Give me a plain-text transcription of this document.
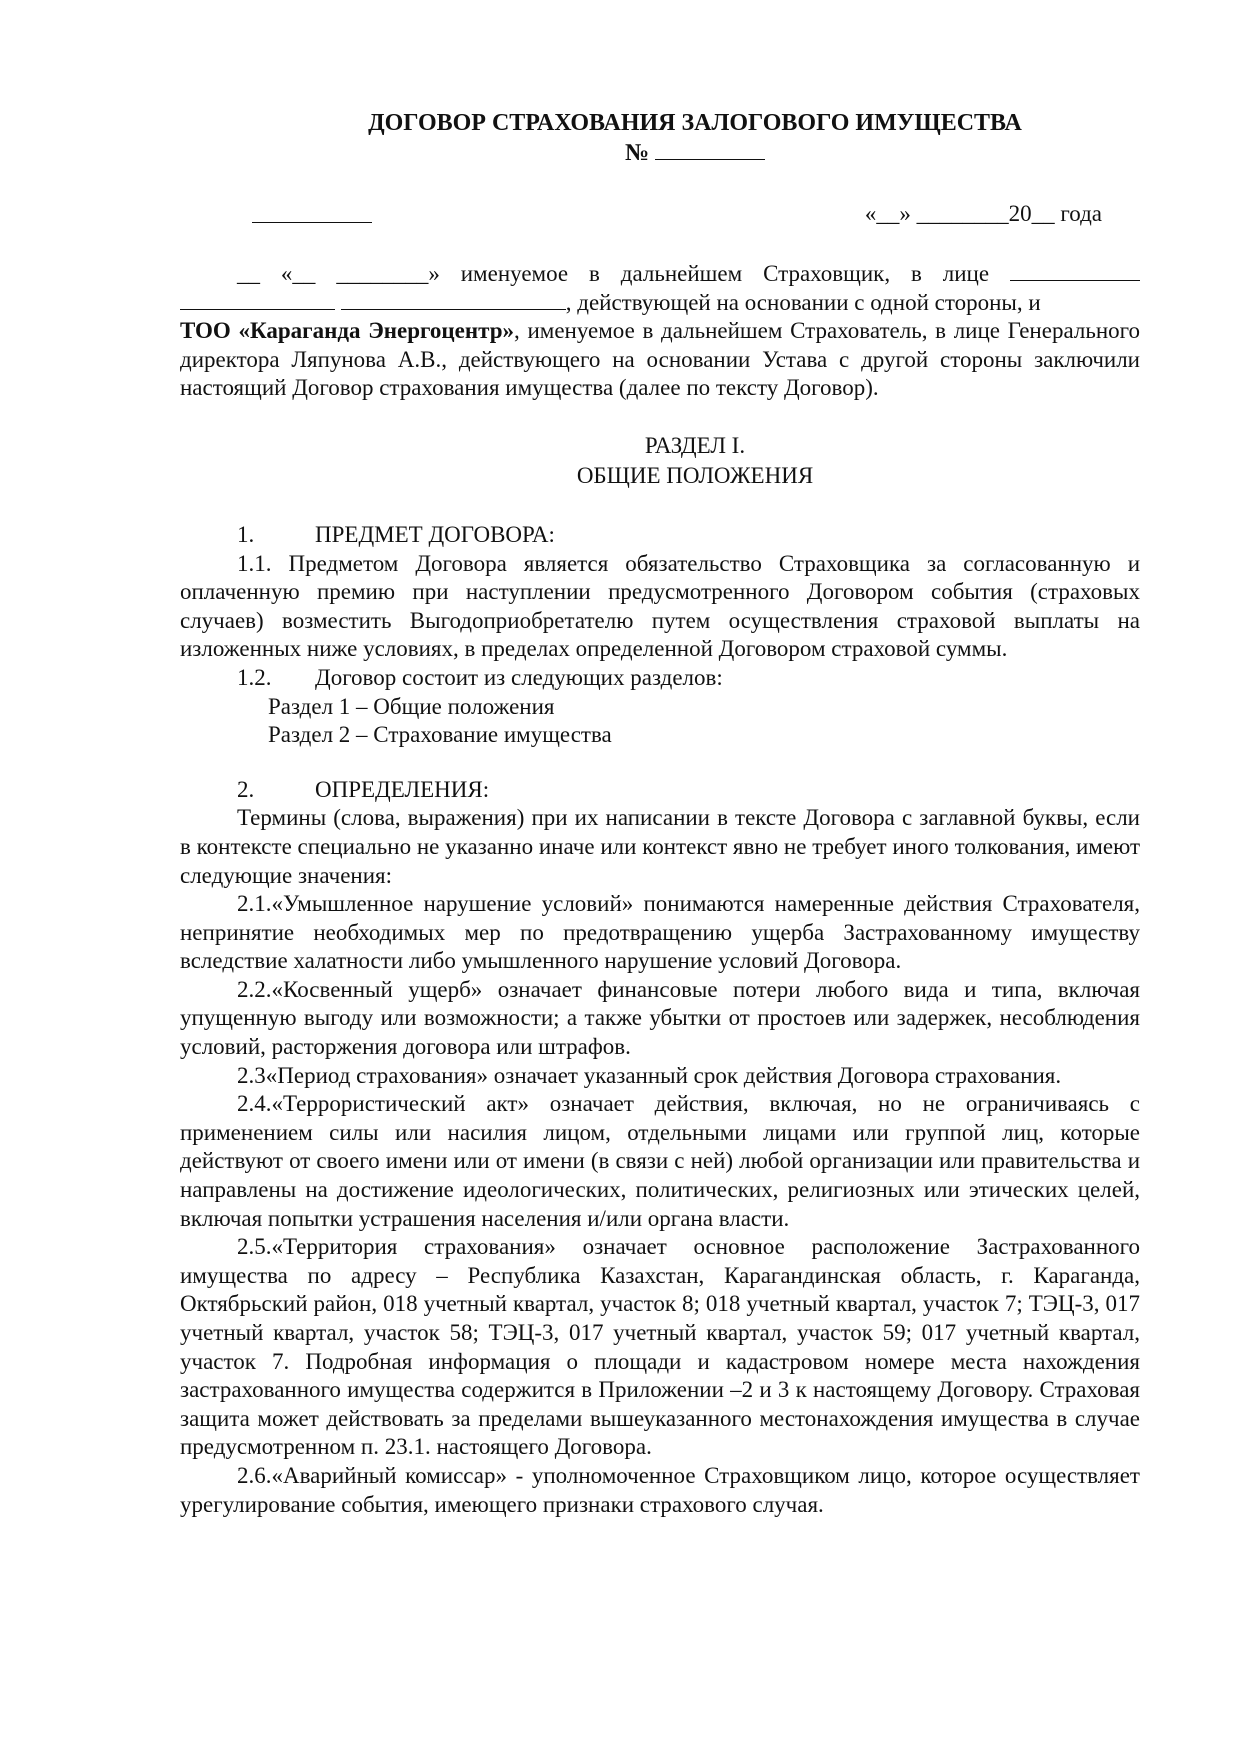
ДОГОВОР СТРАХОВАНИЯ ЗАЛОГОВОГО ИМУЩЕСТВА

№

«__» ________20__ года
__ «__ ________» именуемое в дальнейшем Страховщик, в лице
, действующей на основании с одной стороны, и

ТОО «Караганда Энергоцентр», именуемое в дальнейшем Страхователь, в лице Генерального директора Ляпунова А.В., действующего на основании Устава с другой стороны заключили настоящий Договор страхования имущества (далее по тексту Договор).

РАЗДЕЛ I.
ОБЩИЕ ПОЛОЖЕНИЯ
1.	ПРЕДМЕТ ДОГОВОРА:

1.1. Предметом Договора является обязательство Страховщика за согласованную и оплаченную премию при наступлении предусмотренного Договором события (страховых случаев) возместить Выгодоприобретателю путем осуществления страховой выплаты на изложенных ниже условиях, в пределах определенной Договором страховой суммы.

1.2. Договор состоит из следующих разделов:
Раздел 1 – Общие положения
Раздел 2 – Страхование имущества
2.	ОПРЕДЕЛЕНИЯ:

Термины (слова, выражения) при их написании в тексте Договора с заглавной буквы, если в контексте специально не указанно иначе или контекст явно не требует иного толкования, имеют следующие значения:

2.1.«Умышленное нарушение условий» понимаются намеренные действия Страхователя, непринятие необходимых мер по предотвращению ущерба Застрахованному имуществу вследствие халатности либо умышленного нарушение условий Договора.

2.2.«Косвенный ущерб» означает финансовые потери любого вида и типа, включая упущенную выгоду или возможности; а также убытки от простоев или задержек, несоблюдения условий, расторжения договора или штрафов.

2.3«Период страхования» означает указанный срок действия Договора страхования.

2.4.«Террористический акт» означает действия, включая, но не ограничиваясь с применением силы или насилия лицом, отдельными лицами или группой лиц, которые действуют от своего имени или от имени (в связи с ней) любой организации или правительства и направлены на достижение идеологических, политических, религиозных или этических целей, включая попытки устрашения населения и/или органа власти.

2.5.«Территория страхования» означает основное расположение Застрахованного имущества по адресу – Республика Казахстан, Карагандинская область, г. Караганда, Октябрьский район, 018 учетный квартал, участок 8; 018 учетный квартал, участок 7; ТЭЦ-3, 017 учетный квартал, участок 58; ТЭЦ-3, 017 учетный квартал, участок 59; 017 учетный квартал, участок 7. Подробная информация о площади и кадастровом номере места нахождения застрахованного имущества содержится в Приложении –2 и 3 к настоящему Договору. Страховая защита может действовать за пределами вышеуказанного местонахождения имущества в случае предусмотренном п. 23.1. настоящего Договора.

2.6.«Аварийный комиссар» - уполномоченное Страховщиком лицо, которое осуществляет урегулирование события, имеющего признаки страхового случая.
